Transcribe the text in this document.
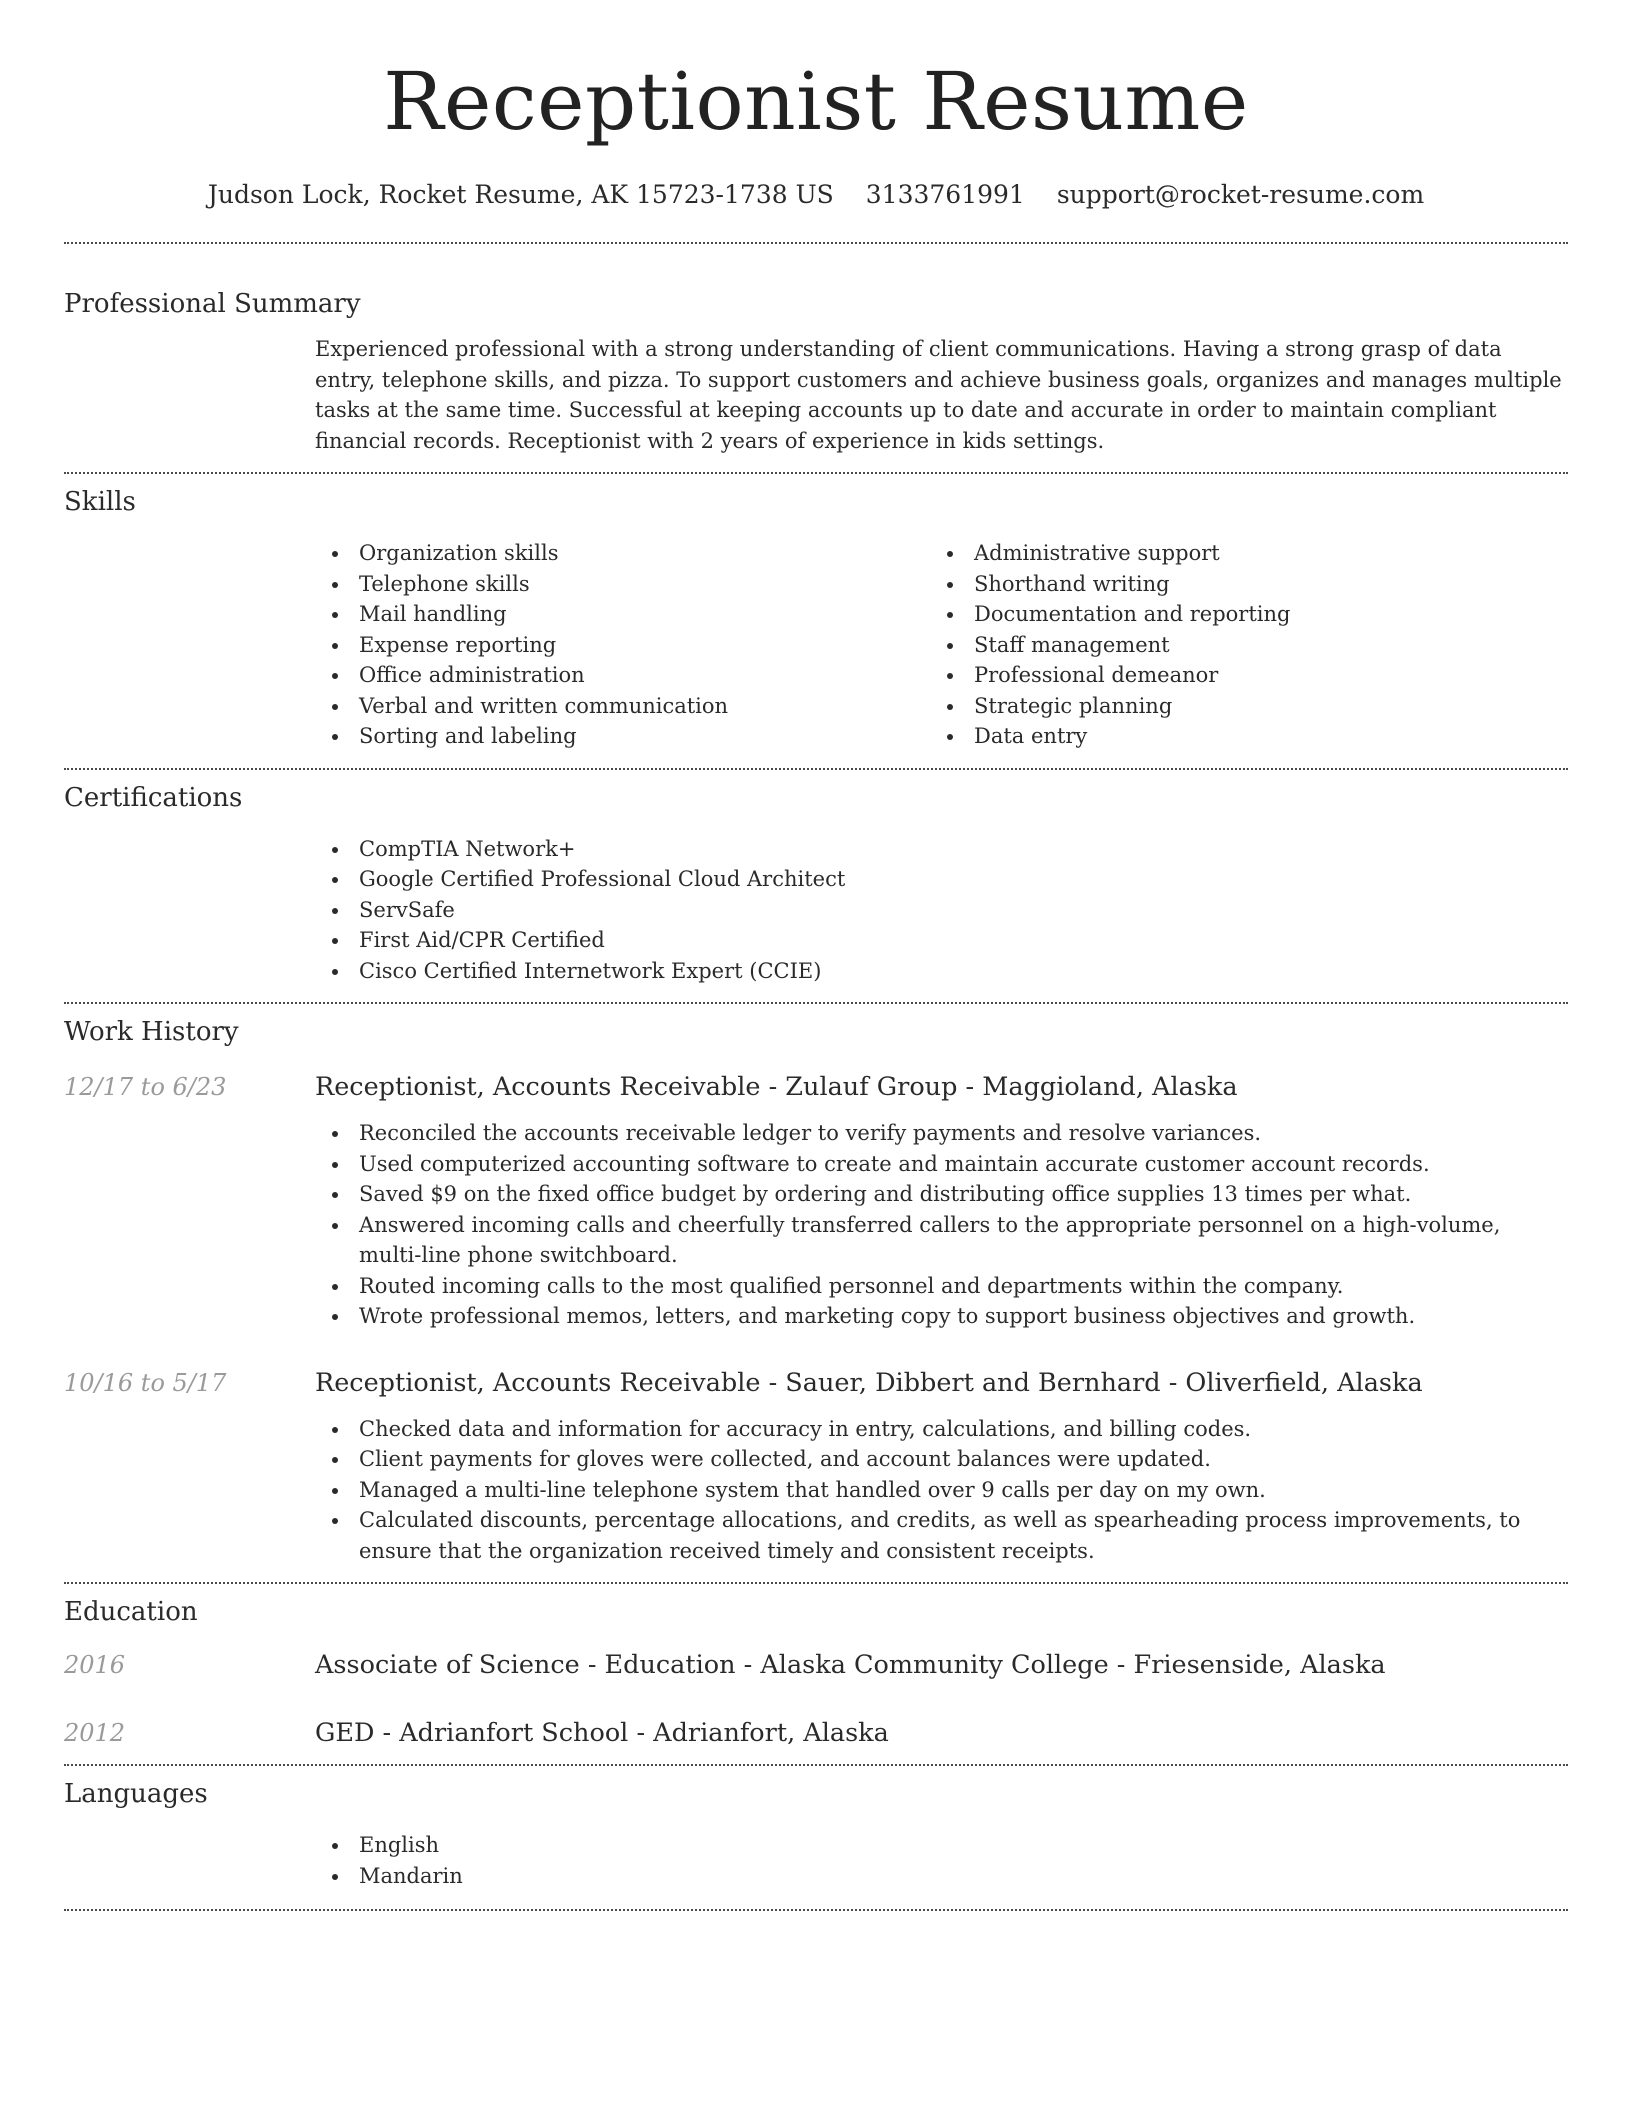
Receptionist Resume
Judson Lock, Rocket Resume, AK 15723-1738 US 3133761991 support@rocket-resume.com
Professional Summary

Experienced professional with a strong understanding of client communications. Having a strong grasp of data entry, telephone skills, and pizza. To support customers and achieve business goals, organizes and manages multiple tasks at the same time. Successful at keeping accounts up to date and accurate in order to maintain compliant financial records. Receptionist with 2 years of experience in kids settings.

Skills
Organization skills
Telephone skills
Mail handling
Expense reporting
Office administration
Verbal and written communication
Sorting and labeling
Administrative support
Shorthand writing
Documentation and reporting
Staff management
Professional demeanor
Strategic planning
Data entry
Certifications
CompTIA Network+
Google Certified Professional Cloud Architect
ServSafe
First Aid/CPR Certified
Cisco Certified Internetwork Expert (CCIE)
Work History
12/17 to 6/23	Receptionist, Accounts Receivable - Zulauf Group - Maggioland, Alaska
Reconciled the accounts receivable ledger to verify payments and resolve variances.
Used computerized accounting software to create and maintain accurate customer account records.
Saved $9 on the fixed office budget by ordering and distributing office supplies 13 times per what.
Answered incoming calls and cheerfully transferred callers to the appropriate personnel on a high-volume, multi-line phone switchboard.
Routed incoming calls to the most qualified personnel and departments within the company.
Wrote professional memos, letters, and marketing copy to support business objectives and growth.
10/16 to 5/17	Receptionist, Accounts Receivable - Sauer, Dibbert and Bernhard - Oliverfield, Alaska
Checked data and information for accuracy in entry, calculations, and billing codes.
Client payments for gloves were collected, and account balances were updated.
Managed a multi-line telephone system that handled over 9 calls per day on my own.
Calculated discounts, percentage allocations, and credits, as well as spearheading process improvements, to ensure that the organization received timely and consistent receipts.
Education
2016	Associate of Science - Education - Alaska Community College - Friesenside, Alaska
2012	GED - Adrianfort School - Adrianfort, Alaska
Languages
English
Mandarin
